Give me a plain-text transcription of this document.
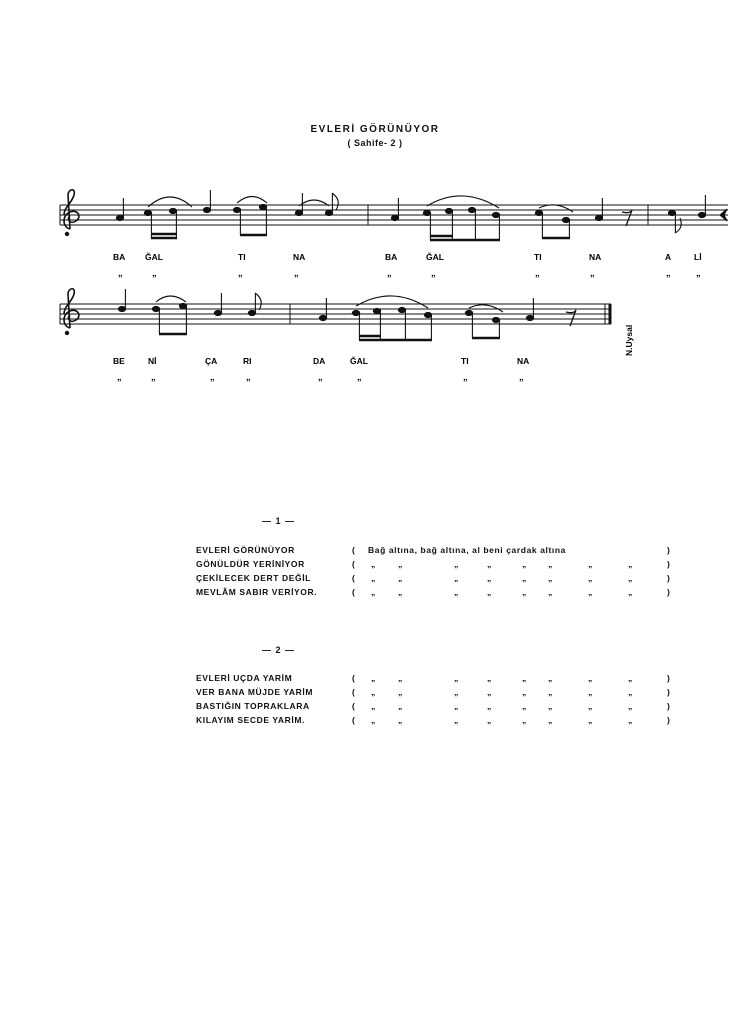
EVLERİ GÖRÜNÜYOR
( Sahife- 2 )
BA ĞAL	TI	NA	BA	ĞAL	TI	NA	A	Lİ
„	„	„	„	„	„	„	„	„	„
BE	Nİ	ÇA	RI	DA	ĞAL	TI	NA
„	„	„	„	„	„	„	„
N.Uysal
— 1 —
EVLERİ GÖRÜNÜYOR	( Bağ altına, bağ altına, al beni çardak altına	)
GÖNÜLDÜR YERİNİYOR	( „	„	„	„	„ „	„	„	)
ÇEKİLECEK DERT DEĞİL	( „	„	„	„	„ „	„	„	)
MEVLÂM SABIR VERİYOR.	( „	„	„	„	„ „	„	„	)
— 2 —
EVLERİ UÇDA YARİM	( „	„	„	„	„ „	„	„	)
VER BANA MÜJDE YARİM	( „	„	„	„	„ „	„	„	)
BASTIĞIN TOPRAKLARA	( „	„	„	„	„ „	„	„	)
KILAYIM SECDE YARİM.	( „	„	„	„	„ „	„	„	)
